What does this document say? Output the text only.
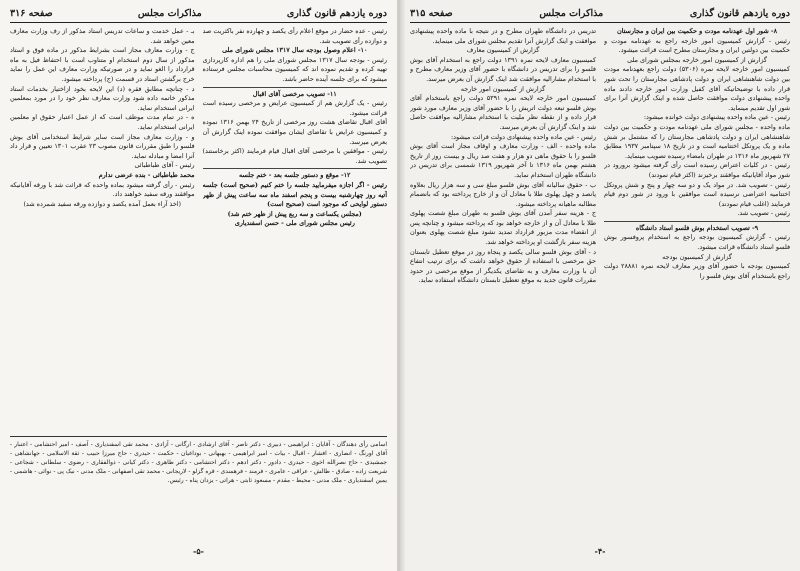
دوره یازدهم قانون گذاری
مذاکرات مجلس
صفحه ۳۱۶

رئیس - عده حضار در موقع اعلام رأی یکصد و چهارده نفر باکثریت صد و دوازده رأی تصویب شد.

۱۰- اعلام وصول بودجه سال ۱۳۱۷ مجلس شورای ملی

رئیس - بودجه سال ۱۳۱۷ مجلس شورای ملی را هم اداره کارپردازی تهیه کرده و تقدیم نموده اند که کمیسیون محاسبات مجلس فرستاده میشود که برای جلسه آینده حاضر باشد.

۱۱- تصویب مرخصی آقای اقبال

رئیس - یک گزارش هم از کمیسیون عرایض و مرخصی رسیده است قرائت میشود.

آقای اقبال تقاضای هشت روز مرخصی از تاریخ ۲۴ بهمن ۱۳۱۶ نموده و کمیسیون عرایض با تقاضای ایشان موافقت نموده اینک گزارش آن بعرض میرسد.

رئیس - موافقین با مرخصی آقای اقبال قیام فرمایند (اکثر برخاستند) تصویب شد.

۱۲- موقع و دستور جلسه بعد - ختم جلسه

رئیس - اگر اجازه میفرمایید جلسه را ختم کنیم (صحیح است) جلسه آتیه روز چهارشنبه بیست و پنجم اسفند ماه سه ساعت پیش از ظهر دستور لوایحی که موجود است (صحیح است)

(مجلس یکساعت و سه ربع پیش از ظهر ختم شد)

رئیس مجلس شورای ملی - حسن اسفندیاری

بـ - عمل خدمت و ساعات تدریس استاد مذکور از رف وزارت معارف معین خواهد شد.

ج - وزارت معارف مجاز است بشرایط مذکور در ماده فوق و استاد مذکور از سال دوم استخدام او متناوب است با احتفاظ فیل به ماه قرارداد را الغو نماید و در صورتیکه وزارت معارف این عمل را نماید خرج برگشتن استاد در قسمت (ج) پرداخته میشود.

د - چنانچه مطابق فقره (د) این لایحه بخود ازاختیار بخدمات استاد مذکور خاتمه داده شود وزارت معارف نظر خود را در مورد بمعلمین ایرانی استخدام نماید.

ه - در تمام مدت موظف است که از عمل اعتبار حقوق او معلمین ایرانی استخدام نماید.

و - وزارت معارف مجاز است سایر شرایط استخدامی آقای بوش فلسو را طبق مقررات قانون مصوب ۲۳ عقرب ۱۳۰۱ تعیین و قرار داد آنرا امضا و مبادله نماید.

رئیس - آقای طباطبائی

محمد طباطبائی - بنده عرضی ندارم

رئیس - رأی گرفته میشود بماده واحده که قرائت شد با ورقه آقایانیکه موافقند ورقه سفید خواهند داد.

(اخذ آراء بعمل آمده یکصد و دوازده ورقه سفید شمرده شد)

اسامی رأی دهندگان - آقایان : ابراهیمی - دبیری - دکتر ناصر - آقای ارشادی - ارگانی - آزادی - محمد تقی اسفندیاری - آصف - امیر احتشامی - اعتبار - آقای اورنگ - انصاری - افشار - اقبال - بیات - امیر ابراهیمی - بهبهانی - بوداغیان - حکمت - حیدری - حاج میرزا حبیب - ثقة الاسلامی - جهانشاهی - جمشیدی - حاج نصرالله اخوی - حیدری - دادور - دکتر ادهم - دکتر احتشامی - دکتر طاهری - دکتر کیانی - ذوالفقاری - رضوی - سلطانی - شجاعی - شریعت زاده - صادق - طالش - عراقی - عامری - فرمند - فرهمندی - قره گزلو - لاریجانی - محمد تقی اصفهانی - ملک مدنی - نیک پی - نوائی - هاشمی - یمین اسفندیاری - ملک مدنی - محیط - مقدم - مسعود ثابتی - هراتی - یزدان پناه - رئیس.

-۵-
دوره یازدهم قانون گذاری
مذاکرات مجلس
صفحه ۳۱۵

۸- شور اول عهدنامه مودت و حکمیت بین ایران و مجارستان

رئیس - گزارش کمیسیون امور خارجه راجع به عهدنامه مودت و حکمیت بین دولتین ایران و مجارستان مطرح است قرائت میشود.

گزارش از کمیسیون امور خارجه بمجلس شورای ملی

کمیسیون امور خارجه لایحه نمره (۵۳۰۶) دولت راجع بعهدنامه مودت بین دولت شاهنشاهی ایران و دولت پادشاهی مجارستان را تحت شور قرار داده با توضیحاتیکه آقای کفیل وزارت امور خارجه دادند ماده واحده پیشنهادی دولت موافقت حاصل شده و اینک گزارش آنرا برای شور اول تقدیم مینماید.

رئیس - عین ماده واحده پیشنهادی دولت خوانده میشود:

ماده واحده - مجلس شورای ملی عهدنامه مودت و حکمیت بین دولت شاهنشاهی ایران و دولت پادشاهی مجارستان را که مشتمل بر شش ماده و یک پروتکل اختتامیه است و در تاریخ ۱۸ سپتامبر ۱۹۳۷ مطابق ۲۷ شهریور ماه ۱۳۱۶ در طهران بامضاء رسیده تصویب مینماید.

رئیس - در کلیات اعتراض رسیده است رأی گرفته میشود برورود در شور مواد آقایانیکه موافقند برخیزند (اکثر قیام نمودند)

رئیس - تصویب شد. در مواد یک و دو سه چهار و پنج و شش پروتکل اختتامیه اعتراضی نرسیده است موافقین با ورود در شور دوم قیام فرمایند (اغلب قیام نمودند)

رئیس - تصویب شد.

۹- تصویب استخدام بوش فلسو استاد دانشگاه

رئیس - گزارش کمیسیون بودجه راجع به استخدام پروفسور بوش فلسو استاد دانشگاه قرائت میشود.

گزارش از کمیسیون بودجه

کمیسیون بودجه با حضور آقای وزیر معارف لایحه نمره ۲۸۸۸۱ دولت راجع باستخدام آقای بوش فلسو را

تدریس در دانشگاه طهران مطرح و در نتیجه با ماده واحده پیشنهادی موافقت و اینک گزارش آنرا تقدیم مجلس شورای ملی مینماید.

گزارش از کمیسیون معارف

کمیسیون معارف لایحه نمره ۱۳۹۱ دولت راجع به استخدام آقای بوش فلسو را برای تدریس در دانشگاه با حضور آقای وزیر معارف مطرح و با استخدام مشارالیه موافقت شد اینک گزارش آن بعرض میرسد.

گزارش از کمیسیون امور خارجه

کمیسیون امور خارجه لایحه نمره ۵۳۹۱ دولت راجع باستخدام آقای بوش فلسو تبعه دولت اتریش را با حضور آقای وزیر معارف مورد شور قرار داده و از نقطه نظر ملیت با استخدام مشارالیه موافقت حاصل شد و اینک گزارش آن بعرض میرسد.

رئیس - عین ماده واحده پیشنهادی دولت قرائت میشود:

ماده واحده - الف - وزارت معارف و اوقاف مجاز است آقای بوش فلسو را با حقوق ماهی دو هزار و هفت صد ریال و بیست روز از تاریخ هشتم بهمن ماه ۱۳۱۶ تا آخر شهریور ۱۳۱۹ شمسی برای تدریس در دانشگاه طهران استخدام نماید.

ب - حقوق سالیانه آقای بوش فلسو مبلغ سی و سه هزار ریال بعلاوه پانصد و چهل پهلوی طلا با معادل آن و از خارج پرداخته بود که بانضمام مطالبه ماهیانه پرداخته میشود.

ج - هزینه سفر آمدن آقای بوش فلسو به طهران مبلغ شصت پهلوی طلا با معادل آن و از خارجه خواهد بود که پرداخته میشود و چنانچه پس از انقضاء مدت مزبور قرارداد تمدید نشود مبلغ شصت پهلوی بعنوان هزینه سفر بازگشت او پرداخته خواهد شد.

د - آقای بوش فلسو سالی یکصد و پنجاه روز در موقع تعطیل تابستان حق مرخصی با استفاده از حقوق خواهد داشت که برای ترتیب انتفاع آن با وزارت معارف و به تقاضای یکدیگر از موقع مرخصی در حدود مقررات قانون جدید به موقع تعطیل تابستان دانشگاه استفاده نماید.

-۴-
